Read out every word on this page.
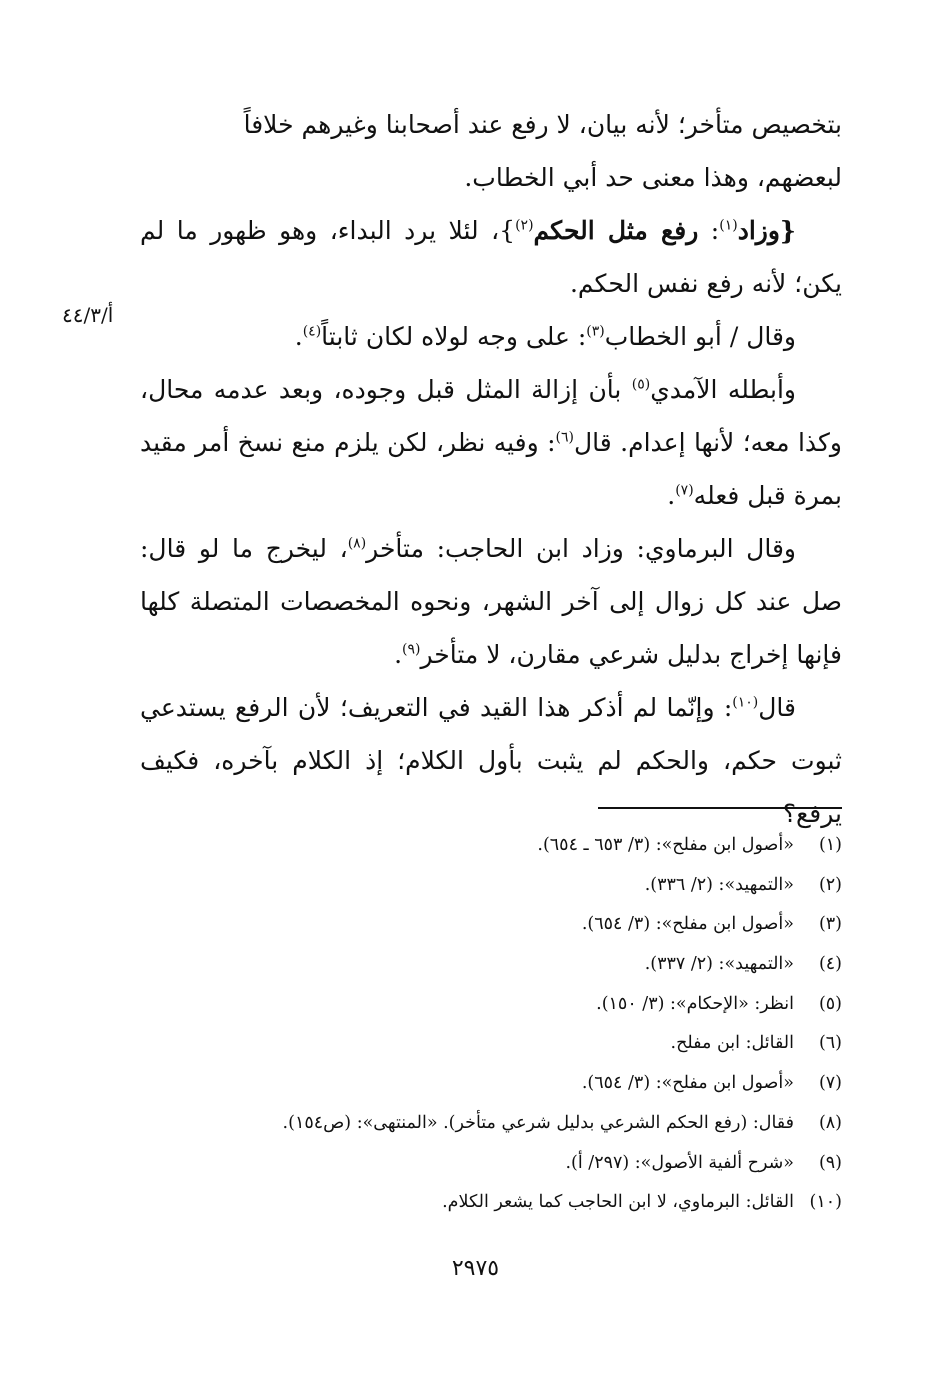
أ/٤٤/٣

بتخصيص متأخر؛ لأنه بيان، لا رفع عند أصحابنا وغيرهم خلافاً
لبعضهم، وهذا معنى حد أبي الخطاب.

{وزاد$^{(١)}$: رفع مثل الحكم$^{(٢)}$}، لئلا يرد البداء، وهو ظهور ما لم يكن؛ لأنه رفع نفس الحكم.

وقال / أبو الخطاب$^{(٣)}$: على وجه لولاه لكان ثابتاً$^{(٤)}$.

وأبطله الآمدي$^{(٥)}$ بأن إزالة المثل قبل وجوده، وبعد عدمه محال، وكذا معه؛ لأنها إعدام. قال$^{(٦)}$: وفيه نظر، لكن يلزم منع نسخ أمر مقيد بمرة قبل فعله$^{(٧)}$.

وقال البرماوي: وزاد ابن الحاجب: متأخر$^{(٨)}$، ليخرج ما لو قال: صل عند كل زوال إلى آخر الشهر، ونحوه المخصصات المتصلة كلها فإنها إخراج بدليل شرعي مقارن، لا متأخر$^{(٩)}$.

قال$^{(١٠)}$: وإنّما لم أذكر هذا القيد في التعريف؛ لأن الرفع يستدعي ثبوت حكم، والحكم لم يثبت بأول الكلام؛ إذ الكلام بآخره، فكيف يرفع؟

(١)«أصول ابن مفلح»: (٣/ ٦٥٣ ـ ٦٥٤).
(٢)«التمهيد»: (٢/ ٣٣٦).
(٣)«أصول ابن مفلح»: (٣/ ٦٥٤).
(٤)«التمهيد»: (٢/ ٣٣٧).
(٥)انظر: «الإحكام»: (٣/ ١٥٠).
(٦)القائل: ابن مفلح.
(٧)«أصول ابن مفلح»: (٣/ ٦٥٤).
(٨)فقال: (رفع الحكم الشرعي بدليل شرعي متأخر). «المنتهى»: (ص١٥٤).
(٩)«شرح ألفية الأصول»: (٢٩٧/ أ).
(١٠)القائل: البرماوي، لا ابن الحاجب كما يشعر الكلام.
٢٩٧٥
